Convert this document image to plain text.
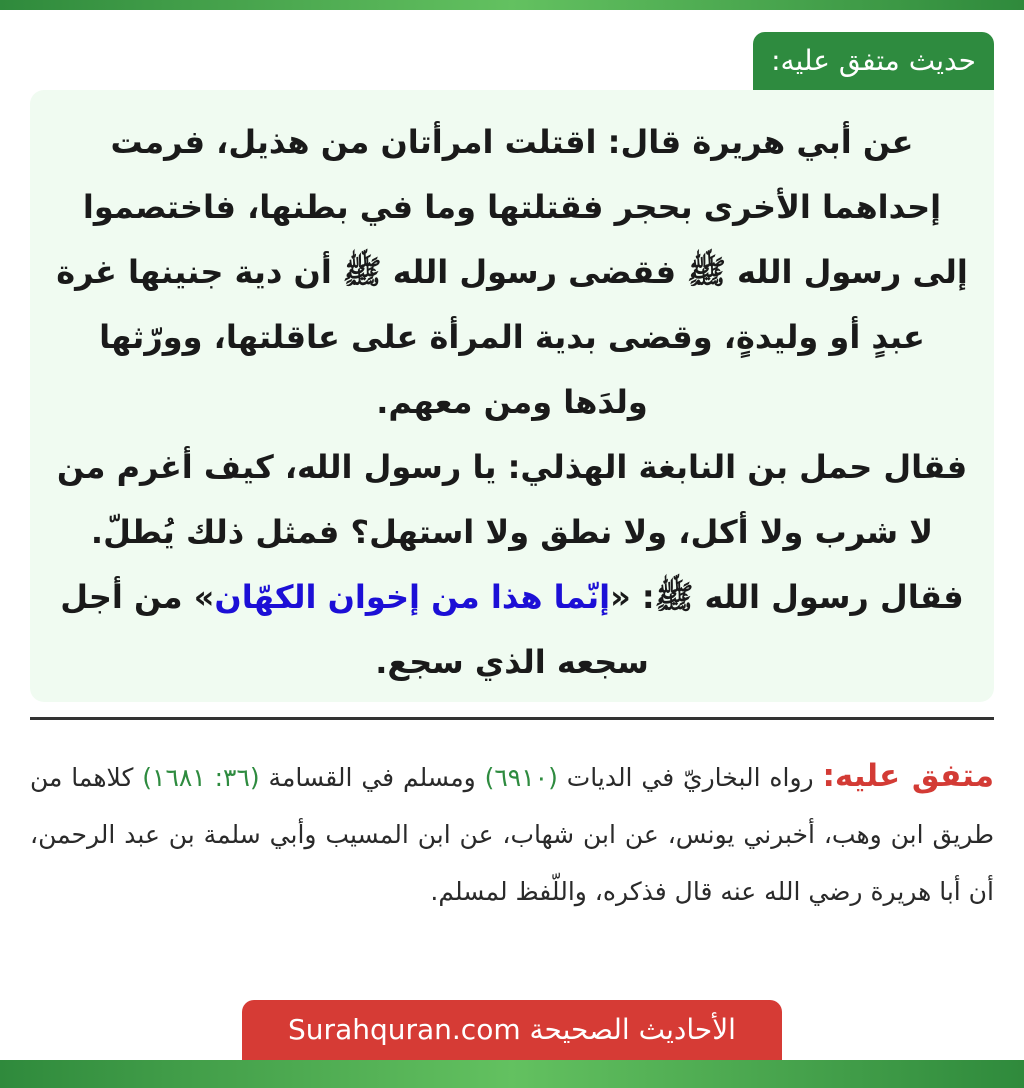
حديث متفق عليه:

عن أبي هريرة قال: اقتلت امرأتان من هذيل، فرمت إحداهما الأخرى بحجر فقتلتها وما في بطنها، فاختصموا إلى رسول الله ﷺ فقضى رسول الله ﷺ أن دية جنينها غرة عبدٍ أو وليدةٍ، وقضى بدية المرأة على عاقلتها، وورّثها ولدَها ومن معهم.

فقال حمل بن النابغة الهذلي: يا رسول الله، كيف أغرم من لا شرب ولا أكل، ولا نطق ولا استهل؟ فمثل ذلك يُطلّ. فقال رسول الله ﷺ: «إنّما هذا من إخوان الكهّان» من أجل سجعه الذي سجع.

متفق عليه: رواه البخاريّ في الديات (٦٩١٠) ومسلم في القسامة (٣٦: ١٦٨١) كلاهما من طريق ابن وهب، أخبرني يونس، عن ابن شهاب، عن ابن المسيب وأبي سلمة بن عبد الرحمن، أن أبا هريرة رضي الله عنه قال فذكره، واللّفظ لمسلم.

الأحاديث الصحيحة Surahquran.com
